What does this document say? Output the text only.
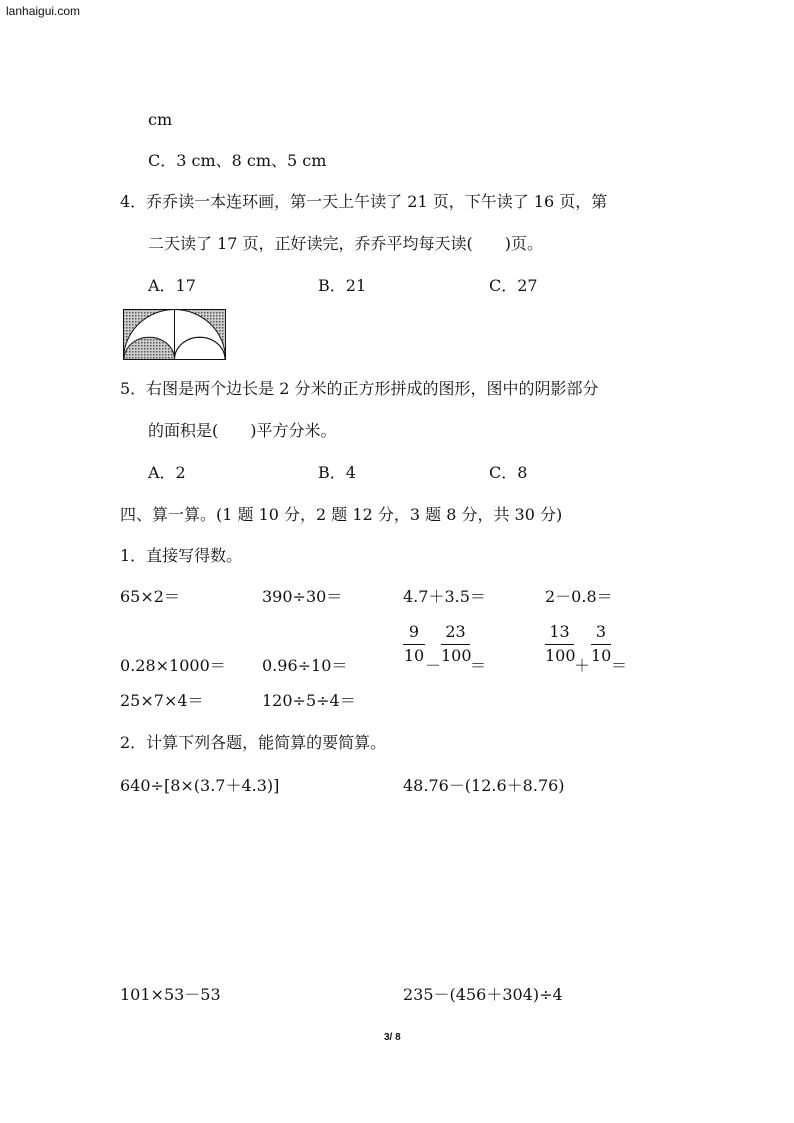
lanhaigui.com
cm
C．3 cm、8 cm、5 cm
4．乔乔读一本连环画，第一天上午读了 21 页，下午读了 16 页，第
二天读了 17 页，正好读完，乔乔平均每天读(　　)页。
A．17	B．21	C．27
5．右图是两个边长是 2 分米的正方形拼成的图形，图中的阴影部分
的面积是(　　)平方分米。
A．2	B．4	C．8
四、算一算。(1 题 10 分，2 题 12 分，3 题 8 分，共 30 分)
1．直接写得数。
65×2＝	390÷30＝	4.7＋3.5＝	2－0.8＝
0.28×1000＝ 0.96÷10＝	$\frac{9}{10} - \frac{23}{100}$ ＝	$\frac{13}{100} + \frac{3}{10}$ ＝
25×7×4＝	120÷5÷4＝
2．计算下列各题，能简算的要简算。
640÷[8×(3.7＋4.3)]	48.76－(12.6＋8.76)
101×53－53	235－(456＋304)÷4
3/ 8
